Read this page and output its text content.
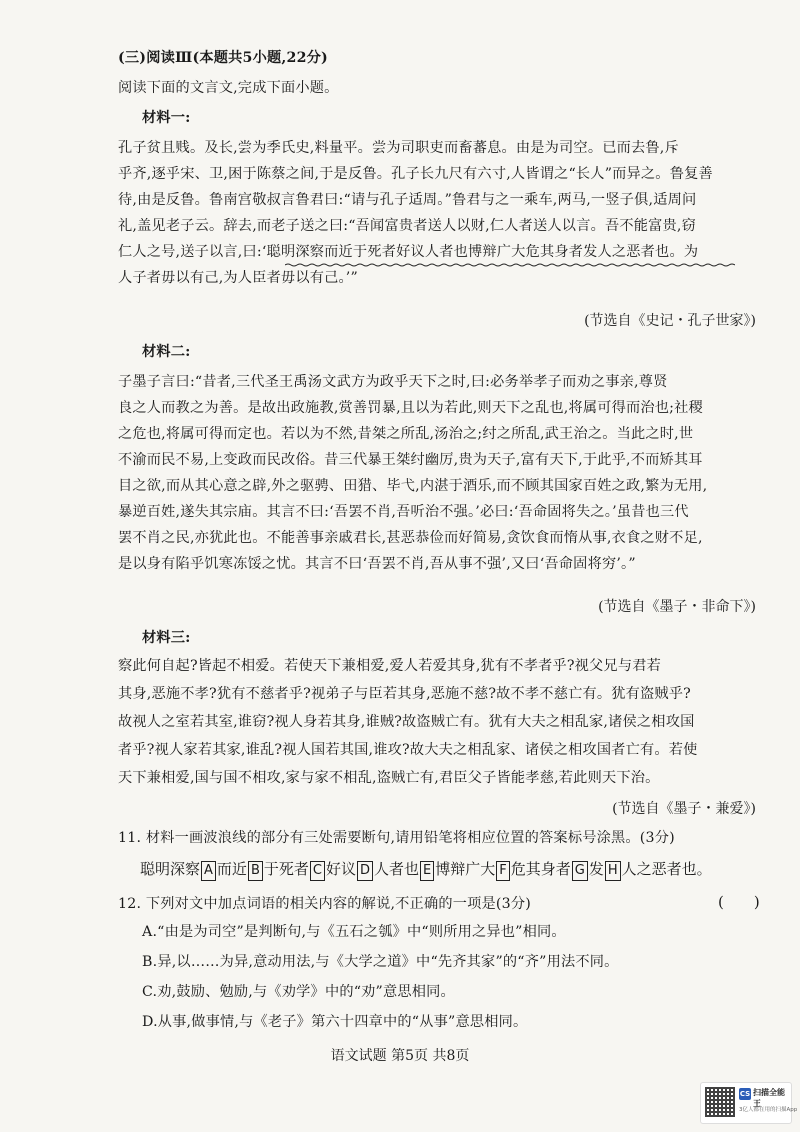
(三)阅读Ⅲ(本题共5小题,22分)
阅读下面的文言文,完成下面小题。
材料一:
孔子贫且贱。及长,尝为季氏史,料量平。尝为司职吏而畜蕃息。由是为司空。已而去鲁,斥
乎齐,逐乎宋、卫,困于陈蔡之间,于是反鲁。孔子长九尺有六寸,人皆谓之“长人”而异之。鲁复善
待,由是反鲁。鲁南宫敬叔言鲁君曰:“请与孔子适周。”鲁君与之一乘车,两马,一竖子俱,适周问
礼,盖见老子云。辞去,而老子送之曰:“吾闻富贵者送人以财,仁人者送人以言。吾不能富贵,窃
仁人之号,送子以言,曰:‘聪明深察而近于死者好议人者也博辩广大危其身者发人之恶者也。为
人子者毋以有己,为人臣者毋以有己。’”
(节选自《史记・孔子世家》)
材料二:
子墨子言曰:“昔者,三代圣王禹汤文武方为政乎天下之时,曰:必务举孝子而劝之事亲,尊贤
良之人而教之为善。是故出政施教,赏善罚暴,且以为若此,则天下之乱也,将属可得而治也;社稷
之危也,将属可得而定也。若以为不然,昔桀之所乱,汤治之;纣之所乱,武王治之。当此之时,世
不渝而民不易,上变政而民改俗。昔三代暴王桀纣幽厉,贵为天子,富有天下,于此乎,不而矫其耳
目之欲,而从其心意之辟,外之驱骋、田猎、毕弋,内湛于酒乐,而不顾其国家百姓之政,繁为无用,
暴逆百姓,遂失其宗庙。其言不曰:‘吾罢不肖,吾听治不强。’必曰:‘吾命固将失之。’虽昔也三代
罢不肖之民,亦犹此也。不能善事亲戚君长,甚恶恭俭而好简易,贪饮食而惰从事,衣食之财不足,
是以身有陷乎饥寒冻馁之忧。其言不曰‘吾罢不肖,吾从事不强’,又曰‘吾命固将穷’。”
(节选自《墨子・非命下》)
材料三:
察此何自起?皆起不相爱。若使天下兼相爱,爱人若爱其身,犹有不孝者乎?视父兄与君若
其身,恶施不孝?犹有不慈者乎?视弟子与臣若其身,恶施不慈?故不孝不慈亡有。犹有盗贼乎?
故视人之室若其室,谁窃?视人身若其身,谁贼?故盗贼亡有。犹有大夫之相乱家,诸侯之相攻国
者乎?视人家若其家,谁乱?视人国若其国,谁攻?故大夫之相乱家、诸侯之相攻国者亡有。若使
天下兼相爱,国与国不相攻,家与家不相乱,盗贼亡有,君臣父子皆能孝慈,若此则天下治。
(节选自《墨子・兼爱》)
11. 材料一画波浪线的部分有三处需要断句,请用铅笔将相应位置的答案标号涂黑。(3分)
聪明深察 A 而近 B 于死者 C 好议 D 人者也 E 博辩广大 F 危其身者 G 发 H 人之恶者也。
12. 下列对文中加点词语的相关内容的解说,不正确的一项是(3分)	()
A.“由是为司空”是判断句,与《五石之瓠》中“则所用之异也”相同。
B.异,以……为异,意动用法,与《大学之道》中“先齐其家”的“齐”用法不同。
C.劝,鼓励、勉励,与《劝学》中的“劝”意思相同。
D.从事,做事情,与《老子》第六十四章中的“从事”意思相同。
语文试题 第5页 共8页
CS 扫描全能王
3亿人都在用的扫描App
